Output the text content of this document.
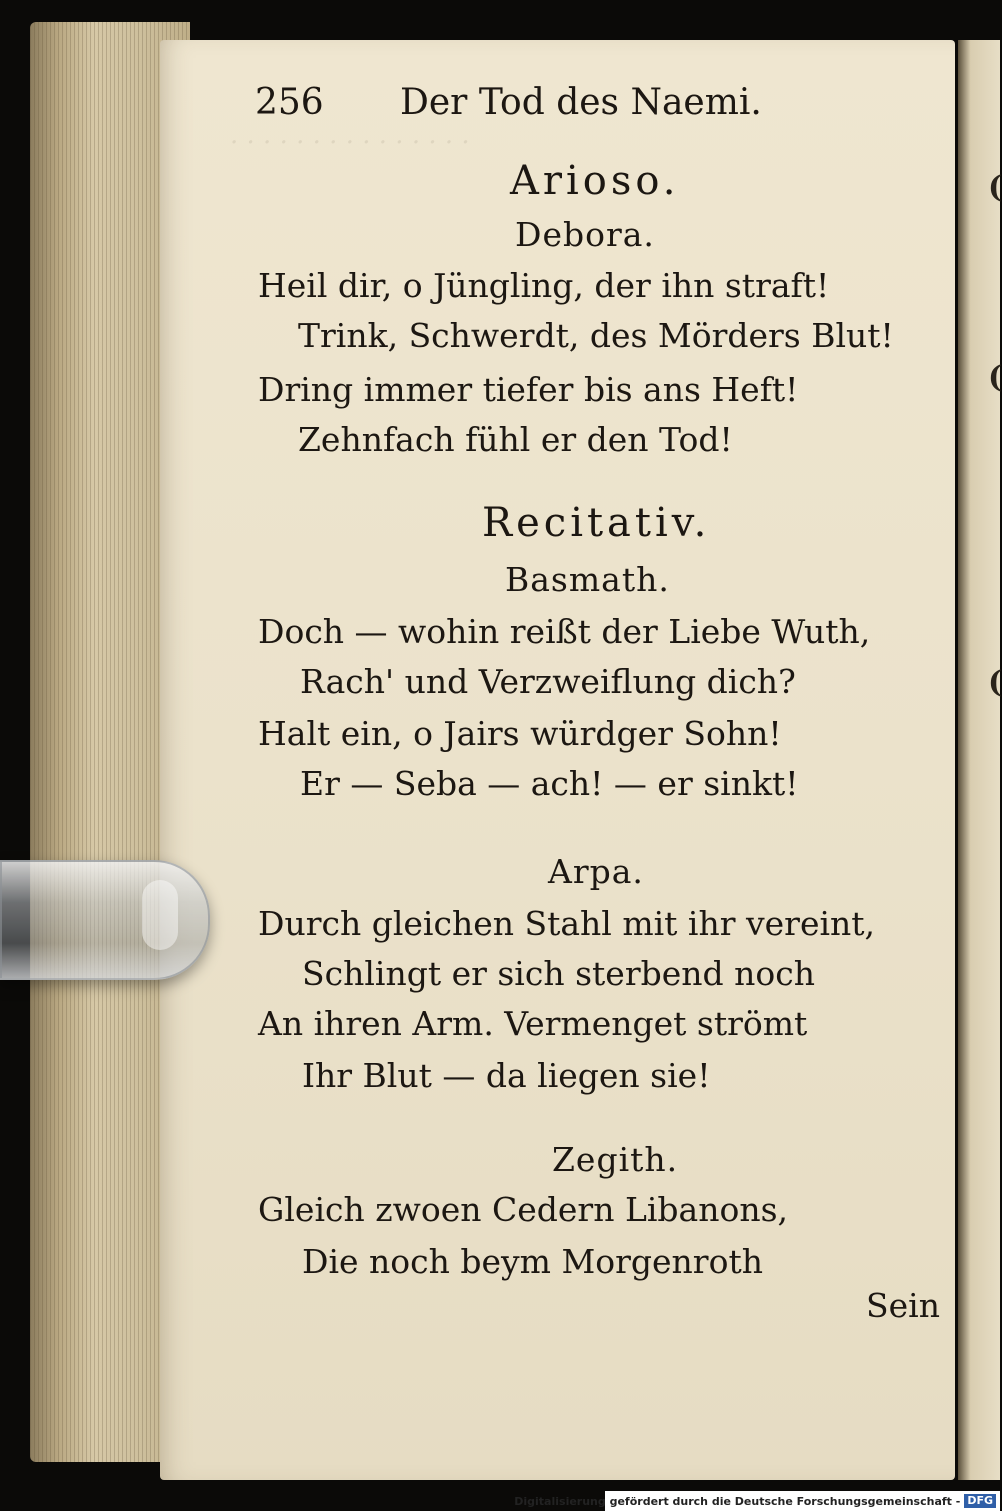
· · · · · · · · · · · · · · ·
256 Der Tod des Naemi.
Arioso.
Debora.
Heil dir, o Jüngling, der ihn straft!
Trink, Schwerdt, des Mörders Blut!
Dring immer tiefer bis ans Heft!
Zehnfach fühl er den Tod!
Recitativ.
Basmath.
Doch — wohin reißt der Liebe Wuth,
Rach' und Verzweiflung dich?
Halt ein, o Jairs würdger Sohn!
Er — Seba — ach! — er sinkt!
Arpa.
Durch gleichen Stahl mit ihr vereint,
Schlingt er sich sterbend noch
An ihren Arm. Vermenget strömt
Ihr Blut — da liegen sie!
Zegith.
Gleich zwoen Cedern Libanons,
Die noch beym Morgenroth
Sein
(
(
(
Digitalisierung gefördert durch die Deutsche Forschungsgemeinschaft - DFG
